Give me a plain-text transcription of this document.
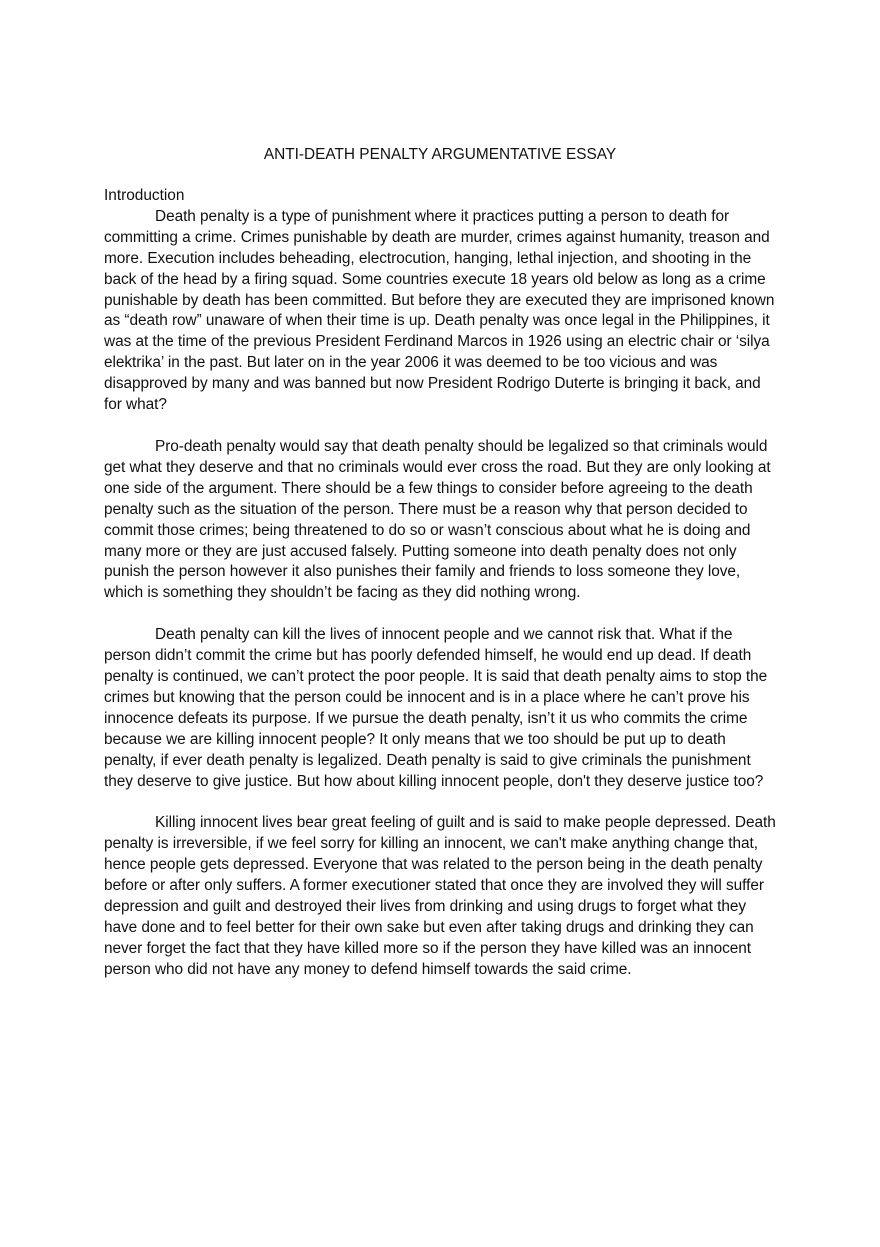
ANTI-DEATH PENALTY ARGUMENTATIVE ESSAY
Introduction

Death penalty is a type of punishment where it practices putting a person to death for committing a crime. Crimes punishable by death are murder, crimes against humanity, treason and more. Execution includes beheading, electrocution, hanging, lethal injection, and shooting in the back of the head by a firing squad. Some countries execute 18 years old below as long as a crime punishable by death has been committed. But before they are executed they are imprisoned known as “death row” unaware of when their time is up. Death penalty was once legal in the Philippines, it was at the time of the previous President Ferdinand Marcos in 1926 using an electric chair or ‘silya elektrika’ in the past. But later on in the year 2006 it was deemed to be too vicious and was disapproved by many and was banned but now President Rodrigo Duterte is bringing it back, and for what?

Pro-death penalty would say that death penalty should be legalized so that criminals would get what they deserve and that no criminals would ever cross the road. But they are only looking at one side of the argument. There should be a few things to consider before agreeing to the death penalty such as the situation of the person. There must be a reason why that person decided to commit those crimes; being threatened to do so or wasn’t conscious about what he is doing and many more or they are just accused falsely. Putting someone into death penalty does not only punish the person however it also punishes their family and friends to loss someone they love, which is something they shouldn’t be facing as they did nothing wrong.

Death penalty can kill the lives of innocent people and we cannot risk that. What if the person didn’t commit the crime but has poorly defended himself, he would end up dead. If death penalty is continued, we can’t protect the poor people. It is said that death penalty aims to stop the crimes but knowing that the person could be innocent and is in a place where he can’t prove his innocence defeats its purpose. If we pursue the death penalty, isn’t it us who commits the crime because we are killing innocent people? It only means that we too should be put up to death penalty, if ever death penalty is legalized. Death penalty is said to give criminals the punishment they deserve to give justice. But how about killing innocent people, don't they deserve justice too?

Killing innocent lives bear great feeling of guilt and is said to make people depressed. Death penalty is irreversible, if we feel sorry for killing an innocent, we can't make anything change that, hence people gets depressed. Everyone that was related to the person being in the death penalty before or after only suffers. A former executioner stated that once they are involved they will suffer depression and guilt and destroyed their lives from drinking and using drugs to forget what they have done and to feel better for their own sake but even after taking drugs and drinking they can never forget the fact that they have killed more so if the person they have killed was an innocent person who did not have any money to defend himself towards the said crime.
